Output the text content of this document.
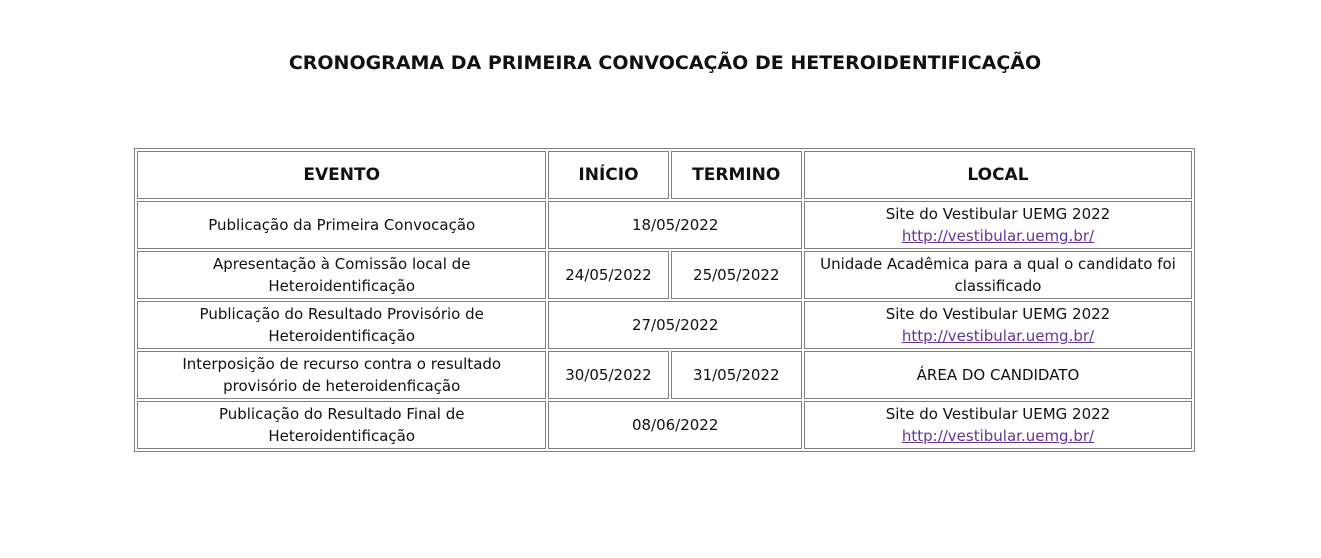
CRONOGRAMA DA PRIMEIRA CONVOCAÇÃO DE HETEROIDENTIFICAÇÃO
EVENTO	INÍCIO	TERMINO	LOCAL
Publicação da Primeira Convocação	18/05/2022		Site do Vestibular UEMG 2022
http://vestibular.uemg.br/
Apresentação à Comissão local de
Heteroidentificação	24/05/2022	25/05/2022	Unidade Acadêmica para a qual o candidato foi
classificado
Publicação do Resultado Provisório de
Heteroidentificação	27/05/2022		Site do Vestibular UEMG 2022
http://vestibular.uemg.br/
Interposição de recurso contra o resultado
provisório de heteroidenficação	30/05/2022	31/05/2022	ÁREA DO CANDIDATO
Publicação do Resultado Final de
Heteroidentificação	08/06/2022		Site do Vestibular UEMG 2022
http://vestibular.uemg.br/
